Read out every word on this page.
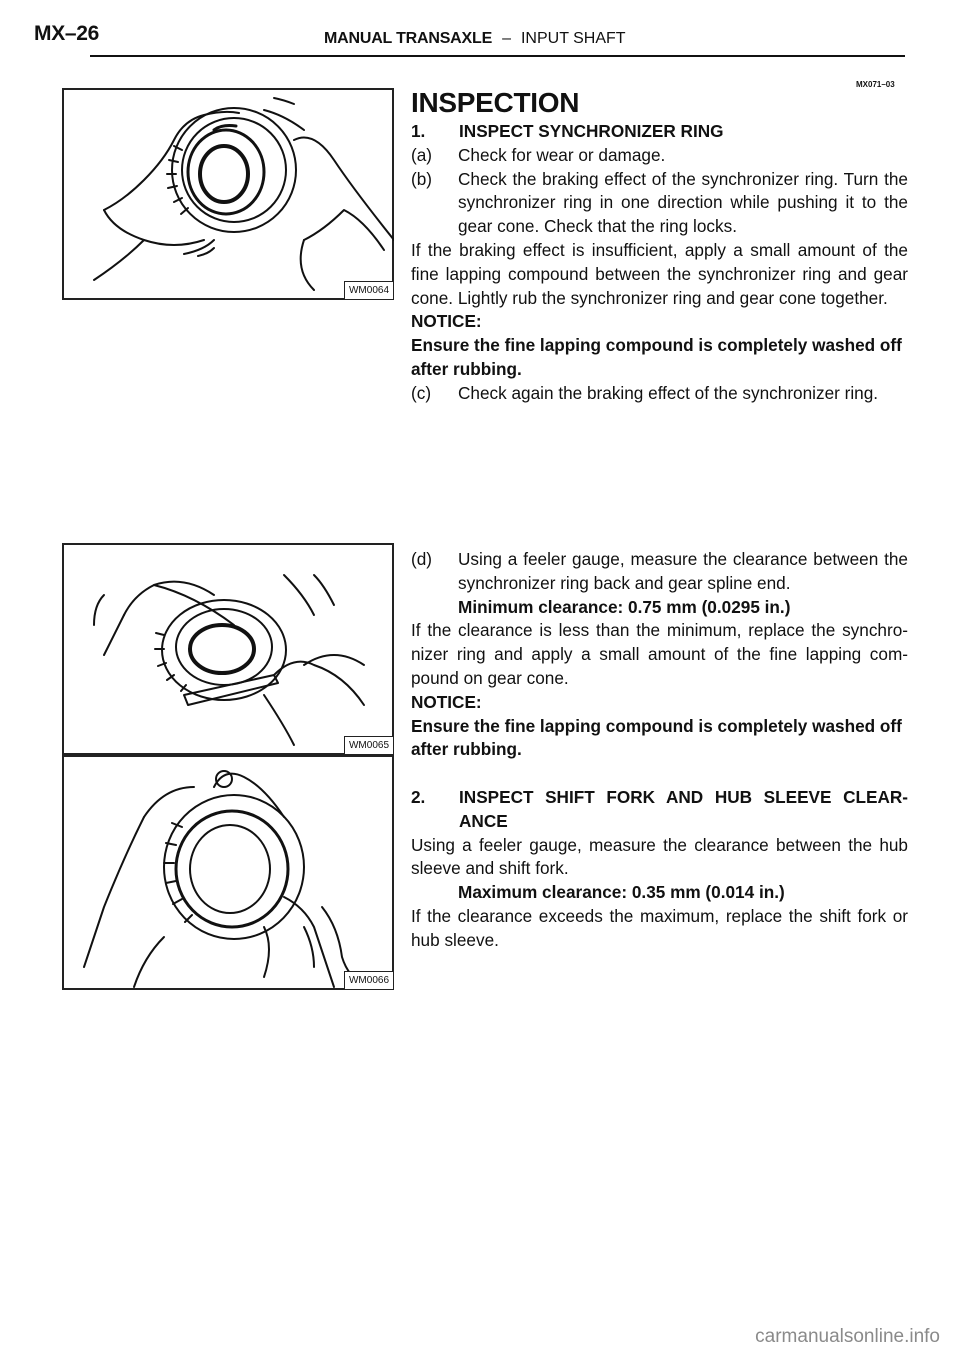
MX–26	MANUAL TRANSAXLE – INPUT SHAFT
MX071–03
WM0064
WM0065
WM0066

INSPECTION

1. INSPECT SYNCHRONIZER RING

(a) Check for wear or damage.

(b) Check the braking effect of the synchronizer ring. Turn the synchronizer ring in one direction while pushing it to the gear cone. Check that the ring locks.

If the braking effect is insufficient, apply a small amount of the fine lapping compound between the synchronizer ring and gear cone. Lightly rub the synchronizer ring and gear cone together.

NOTICE:

Ensure the fine lapping compound is completely washed off after rubbing.

(c) Check again the braking effect of the synchronizer ring.

(d) Using a feeler gauge, measure the clearance between the synchronizer ring back and gear spline end.

Minimum clearance: 0.75 mm (0.0295 in.)

If the clearance is less than the minimum, replace the synchro- nizer ring and apply a small amount of the fine lapping com- pound on gear cone.

NOTICE:

Ensure the fine lapping compound is completely washed off after rubbing.

2. INSPECT SHIFT FORK AND HUB SLEEVE CLEAR- ANCE

Using a feeler gauge, measure the clearance between the hub sleeve and shift fork.

Maximum clearance: 0.35 mm (0.014 in.)

If the clearance exceeds the maximum, replace the shift fork or hub sleeve.

carmanualsonline.info
